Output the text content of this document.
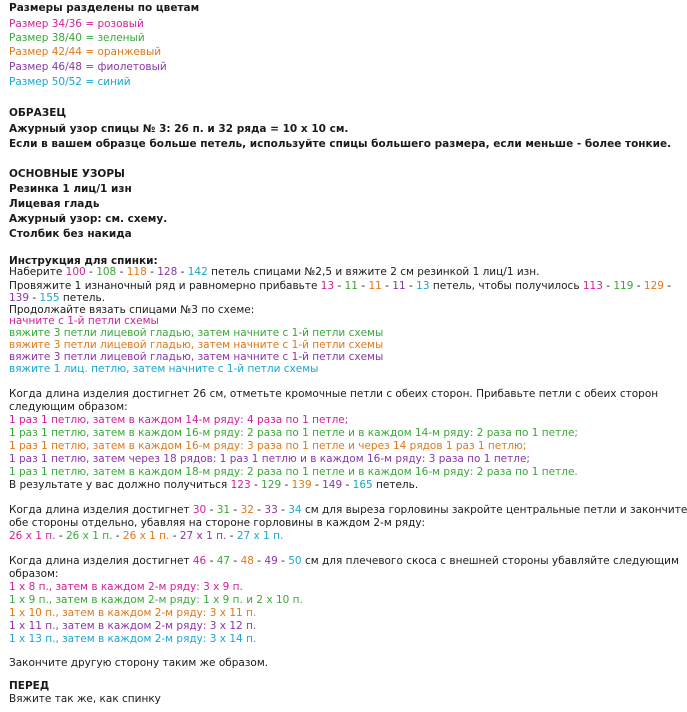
Размеры разделены по цветам
Размер 34/36 = розовый
Размер 38/40 = зеленый
Размер 42/44 = оранжевый
Размер 46/48 = фиолетовый
Размер 50/52 = синий
ОБРАЗЕЦ
Ажурный узор спицы № 3: 26 п. и 32 ряда = 10 х 10 см.
Если в вашем образце больше петель, используйте спицы большего размера, если меньше - более тонкие.
ОСНОВНЫЕ УЗОРЫ
Резинка 1 лиц/1 изн
Лицевая гладь
Ажурный узор: см. схему.
Столбик без накида
Инструкция для спинки:
Наберите 100 - 108 - 118 - 128 - 142 петель спицами №2,5 и вяжите 2 см резинкой 1 лиц/1 изн.
Провяжите 1 изнаночный ряд и равномерно прибавьте 13 - 11 - 11 - 11 - 13 петель, чтобы получилось 113 - 119 - 129 -
139 - 155 петель.
Продолжайте вязать спицами №3 по схеме:
начните с 1-й петли схемы
вяжите 3 петли лицевой гладью, затем начните с 1-й петли схемы
вяжите 3 петли лицевой гладью, затем начните с 1-й петли схемы
вяжите 3 петли лицевой гладью, затем начните с 1-й петли схемы
вяжите 1 лиц. петлю, затем начните с 1-й петли схемы
Когда длина изделия достигнет 26 см, отметьте кромочные петли с обеих сторон. Прибавьте петли с обеих сторон
следующим образом:
1 раз 1 петлю, затем в каждом 14-м ряду: 4 раза по 1 петле;
1 раз 1 петлю, затем в каждом 16-м ряду: 2 раза по 1 петле и в каждом 14-м ряду: 2 раза по 1 петле;
1 раз 1 петлю, затем в каждом 16-м ряду: 3 раза по 1 петле и через 14 рядов 1 раз 1 петлю;
1 раз 1 петлю, затем через 18 рядов: 1 раз 1 петлю и в каждом 16-м ряду: 3 раза по 1 петле;
1 раз 1 петлю, затем в каждом 18-м ряду: 2 раза по 1 петле и в каждом 16-м ряду: 2 раза по 1 петле.
В результате у вас должно получиться 123 - 129 - 139 - 149 - 165 петель.
Когда длина изделия достигнет 30 - 31 - 32 - 33 - 34 см для выреза горловины закройте центральные петли и закончите
обе стороны отдельно, убавляя на стороне горловины в каждом 2-м ряду:
26 х 1 п. - 26 х 1 п. - 26 х 1 п. - 27 х 1 п. - 27 х 1 п.
Когда длина изделия достигнет 46 - 47 - 48 - 49 - 50 см для плечевого скоса с внешней стороны убавляйте следующим
образом:
1 х 8 п., затем в каждом 2-м ряду: 3 х 9 п.
1 х 9 п., затем в каждом 2-м ряду: 1 х 9 п. и 2 х 10 п.
1 х 10 п., затем в каждом 2-м ряду: 3 х 11 п.
1 х 11 п., затем в каждом 2-м ряду: 3 х 12 п.
1 х 13 п., затем в каждом 2-м ряду: 3 х 14 п.
Закончите другую сторону таким же образом.
ПЕРЕД
Вяжите так же, как спинку
